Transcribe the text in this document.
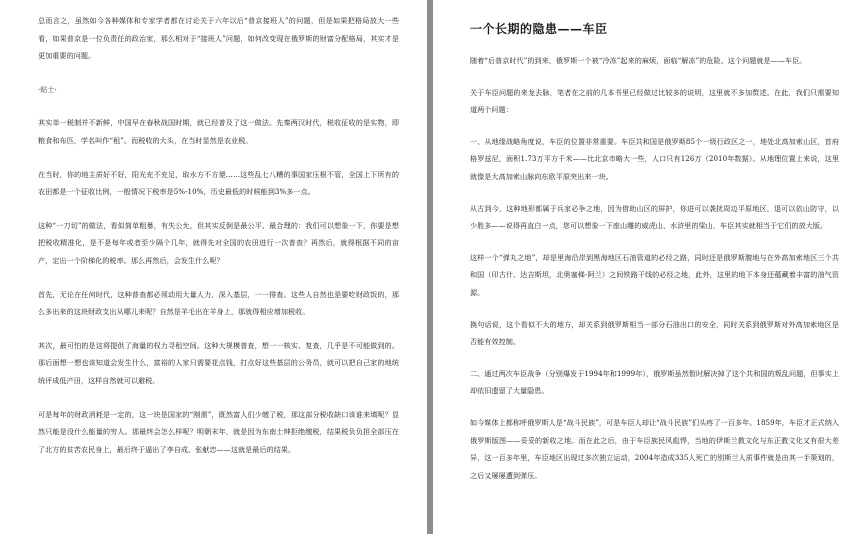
总而言之，虽然如今各种媒体和专家学者都在讨论关于六年以后“普京接班人”的问题，但是如果把格局放大一些看，如果普京是一位负责任的政治家，那么相对于“接班人”问题，如何改变现在俄罗斯的财富分配格局，其实才是更加重要的问题。

·贴士·

其实单一税制并不新鲜，中国早在春秋战国时期，就已经普及了这一做法。先秦两汉时代，税收征收的是实物，即粮食和布匹，学名叫作“租”。而税收的大头，在当时显然是农业税。

在当时，你的地主质好不好，阳光充不充足，取水方不方便……这些乱七八糟的事国家压根不管，全国上下所有的农田都是一个征收比例，一般情况下税率是5%-10%，历史最低的时候能到3%多一点。

这种“一刀切”的做法，看似简单粗暴，有失公允，但其实反倒是最公平、最合理的：我们可以想象一下，你要是想把税收精准化，是不是每年或者至少隔个几年，就得先对全国的农田进行一次普查？再然后，就得根据不同的亩产，定出一个阶梯化的税率。那么再然后，会发生什么呢？

首先，无论在任何时代，这种普查都必须动用大量人力，深入基层，一一排查。这些人自然也是要吃财政饭的，那么多出来的这块财政支出从哪儿来呢？自然是羊毛出在羊身上，那就得相应增加税收。

其次，最可怕的是这将提供了海量的权力寻租空间。这种大规模普查，想一一核实、复查，几乎是不可能做到的。那后面想一想也该知道会发生什么，富裕的人家只需要花点钱，打点好这些基层的公务员，就可以把自己家的地统统评成低产田，这样自然就可以避税。

可是每年的财政消耗是一定的，这一块是国家的“刚需”，既然富人们少缴了税，那这部分税收缺口该谁来填呢？显然只能是没什么能量的穷人。那最终会怎么样呢？明朝末年，就是因为东南士绅拒绝缴税，结果税负负担全部压在了北方的贫苦农民身上，最后终于逼出了李自成、张献忠——这就是最后的结果。

一个长期的隐患——车臣

随着“后普京时代”的到来，俄罗斯一个被“冷冻”起来的麻烦，面临“解冻”的危险。这个问题就是——车臣。

关于车臣问题的来龙去脉，笔者在之前的几本书里已经做过比较多的说明，这里就不多加赘述。在此，我们只需要知道两个问题：

一、从地缘战略角度说，车臣的位置非常重要。车臣共和国是俄罗斯85个一级行政区之一，地处北高加索山区，首府格罗兹尼，面积1.73万平方千米——比北京市略大一些，人口只有126万（2010年数据）。从地理位置上来说，这里就像是大高加索山脉向东欧平原突出来一块。

从古到今，这种地形都属于兵家必争之地，因为借助山区的屏护，你进可以袭扰周边平原地区，退可以依山防守，以少胜多——说得再直白一点，您可以想象一下座山雕的威虎山、水浒里的梁山，车臣其实就相当于它们的放大版。

这样一个“弹丸之地”，却是里海沿岸到黑海地区石油管道的必经之路，同时还是俄罗斯腹地与在外高加索地区三个共和国（印古什、达吉斯坦，北奥塞梯-阿兰）之间铁路干线的必经之地，此外，这里的地下本身还蕴藏着丰富的油气资源。

换句话说，这个看似不大的地方，却关系到俄罗斯相当一部分石油出口的安全，同时关系到俄罗斯对外高加索地区是否能有效控制。

二、通过两次车臣战争（分别爆发于1994年和1999年），俄罗斯虽然暂时解决掉了这个共和国的叛乱问题，但事实上却依旧遗留了大量隐患。

如今媒体上都称呼俄罗斯人是“战斗民族”，可是车臣人却让“战斗民族”们头疼了一百多年。1859年，车臣才正式纳入俄罗斯版图——妥妥的新收之地。而在此之后，由于车臣族民风彪悍，当地的伊斯兰教文化与东正教文化又有很大差异，这一百多年里，车臣地区出现过多次独立运动，2004年造成335人死亡的别斯兰人质事件就是由其一手策划的，之后又屡屡遭到弹压。
